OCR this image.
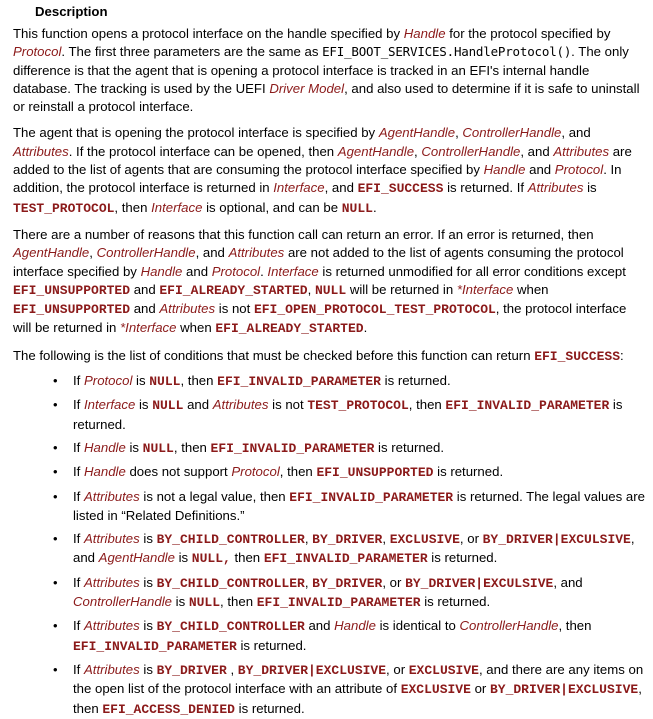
Description

This function opens a protocol interface on the handle specified by Handle for the protocol specified by Protocol. The first three parameters are the same as EFI_BOOT_SERVICES.HandleProtocol(). The only difference is that the agent that is opening a protocol interface is tracked in an EFI's internal handle database. The tracking is used by the UEFI Driver Model, and also used to determine if it is safe to uninstall or reinstall a protocol interface.

The agent that is opening the protocol interface is specified by AgentHandle, ControllerHandle, and Attributes. If the protocol interface can be opened, then AgentHandle, ControllerHandle, and Attributes are added to the list of agents that are consuming the protocol interface specified by Handle and Protocol. In addition, the protocol interface is returned in Interface, and EFI_SUCCESS is returned. If Attributes is TEST_PROTOCOL, then Interface is optional, and can be NULL.

There are a number of reasons that this function call can return an error. If an error is returned, then AgentHandle, ControllerHandle, and Attributes are not added to the list of agents consuming the protocol interface specified by Handle and Protocol. Interface is returned unmodified for all error conditions except EFI_UNSUPPORTED and EFI_ALREADY_STARTED, NULL will be returned in *Interface when EFI_UNSUPPORTED and Attributes is not EFI_OPEN_PROTOCOL_TEST_PROTOCOL, the protocol interface will be returned in *Interface when EFI_ALREADY_STARTED.

The following is the list of conditions that must be checked before this function can return EFI_SUCCESS:

• If Protocol is NULL, then EFI_INVALID_PARAMETER is returned.
• If Interface is NULL and Attributes is not TEST_PROTOCOL, then EFI_INVALID_PARAMETER is returned.
• If Handle is NULL, then EFI_INVALID_PARAMETER is returned.
• If Handle does not support Protocol, then EFI_UNSUPPORTED is returned.
• If Attributes is not a legal value, then EFI_INVALID_PARAMETER is returned. The legal values are listed in “Related Definitions.”
• If Attributes is BY_CHILD_CONTROLLER, BY_DRIVER, EXCLUSIVE, or BY_DRIVER|EXCULSIVE, and AgentHandle is NULL, then EFI_INVALID_PARAMETER is returned.
• If Attributes is BY_CHILD_CONTROLLER, BY_DRIVER, or BY_DRIVER|EXCULSIVE, and ControllerHandle is NULL, then EFI_INVALID_PARAMETER is returned.
• If Attributes is BY_CHILD_CONTROLLER and Handle is identical to ControllerHandle, then EFI_INVALID_PARAMETER is returned.
• If Attributes is BY_DRIVER , BY_DRIVER|EXCLUSIVE, or EXCLUSIVE, and there are any items on the open list of the protocol interface with an attribute of EXCLUSIVE or BY_DRIVER|EXCLUSIVE, then EFI_ACCESS_DENIED is returned.
